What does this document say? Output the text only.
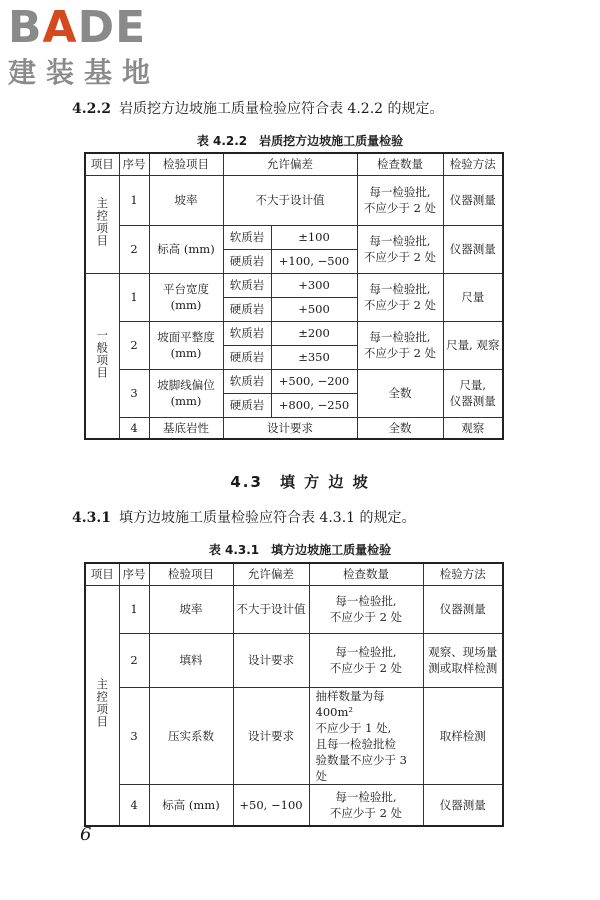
BADE
建装基地
4.2.2 岩质挖方边坡施工质量检验应符合表 4.2.2 的规定。
表 4.2.2　岩质挖方边坡施工质量检验
项目	序号	检验项目	允许偏差		检查数量	检验方法
主控项目	1	坡率	不大于设计值		每一检验批,
不应少于 2 处	仪器测量
	2	标高 (mm)	软质岩	±100	每一检验批,
不应少于 2 处	仪器测量
			硬质岩	+100, −500		
一般项目	1	平台宽度
(mm)	软质岩	+300	每一检验批,
不应少于 2 处	尺量
			硬质岩	+500		
	2	坡面平整度
(mm)	软质岩	±200	每一检验批,
不应少于 2 处	尺量, 观察
			硬质岩	±350		
	3	坡脚线偏位
(mm)	软质岩	+500, −200	全数	尺量,
仪器测量
			硬质岩	+800, −250		
	4	基底岩性	设计要求		全数	观察
4.3　填 方 边 坡
4.3.1 填方边坡施工质量检验应符合表 4.3.1 的规定。
表 4.3.1　填方边坡施工质量检验
项目	序号	检验项目	允许偏差	检查数量	检验方法
主控项目	1	坡率	不大于设计值	每一检验批,
不应少于 2 处	仪器测量
	2	填料	设计要求	每一检验批,
不应少于 2 处	观察、现场量
测或取样检测
	3	压实系数	设计要求	抽样数量为每 400m²
不应少于 1 处,
且每一检验批检
验数量不应少于 3 处	取样检测
	4	标高 (mm)	+50, −100	每一检验批,
不应少于 2 处	仪器测量
6
